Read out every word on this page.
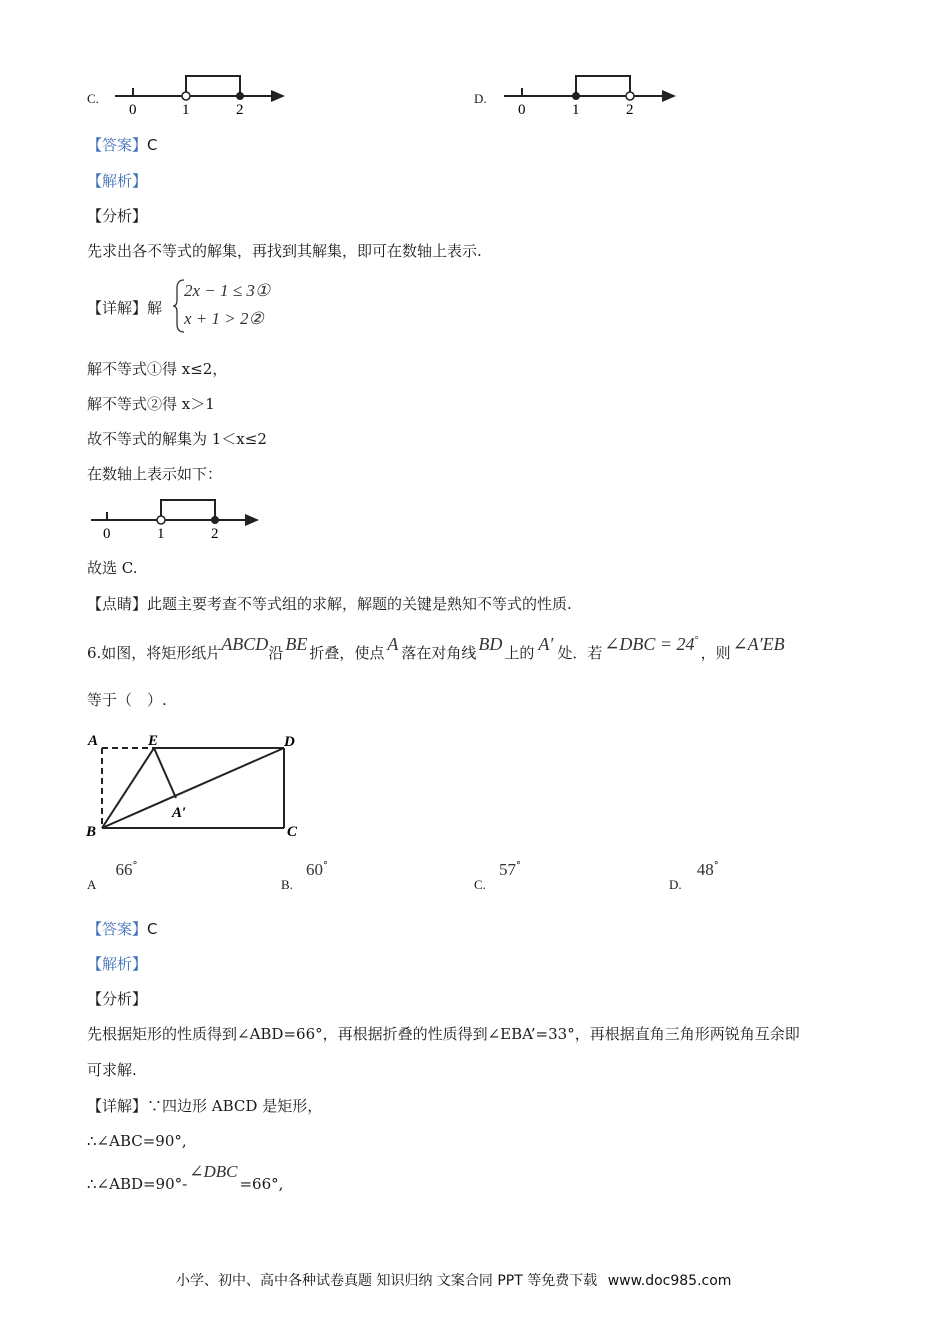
C.
0	1	2
D.
0	1	2
【答案】C
【解析】
【分析】
先求出各不等式的解集，再找到其解集，即可在数轴上表示.
【详解】解
2x − 1 ≤ 3①
x + 1 > 2②
解不等式①得 x≤2，
解不等式②得 x＞1
故不等式的解集为 1＜x≤2
在数轴上表示如下：
0	1	2
故选 C.
【点睛】此题主要考查不等式组的求解，解题的关键是熟知不等式的性质.
6.如图，将矩形纸片ABCD沿 BE 折叠，使点 A 落在对角线 BD 上的 A′ 处．若 ∠DBC = 24°，则 ∠A′EB
等于（　）.
A	E	D
B	C
A′
$_A$ 66°
$_{B.}$ 60°
$_{C.}$ 57°
$_{D.}$ 48°
【答案】C
【解析】
【分析】
先根据矩形的性质得到∠ABD=66°，再根据折叠的性质得到∠EBA’=33°，再根据直角三角形两锐角互余即
可求解.
【详解】∵四边形 ABCD 是矩形，
∴∠ABC=90°,
∴∠ABD=90°-∠DBC=66°,
小学、初中、高中各种试卷真题 知识归纳 文案合同 PPT 等免费下载 www.doc985.com
